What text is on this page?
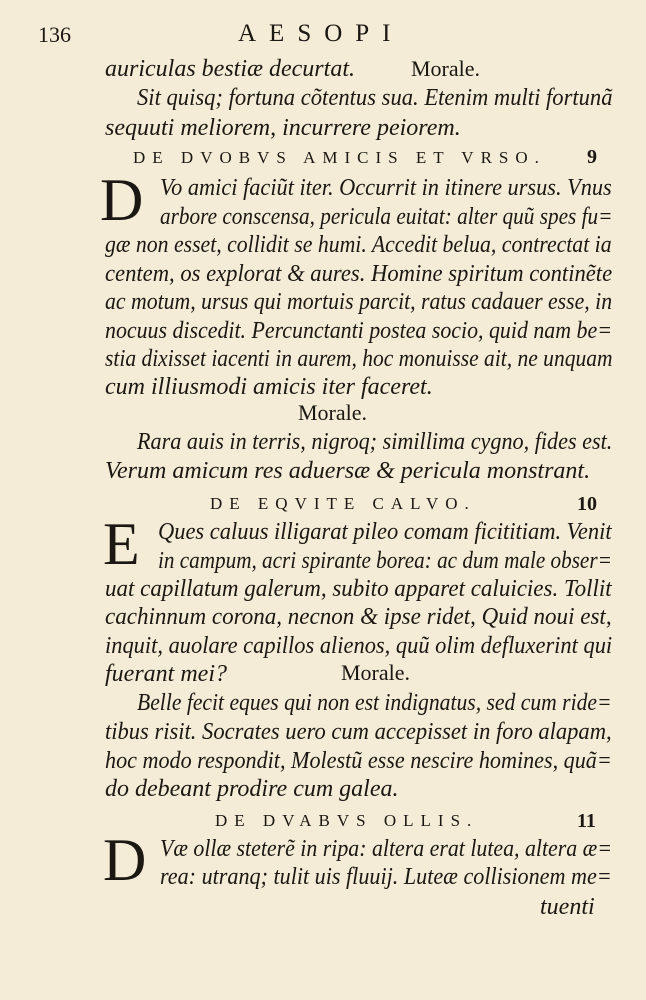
136	AESOPI
auriculas bestiæ decurtat.	Morale.
Sit quisq; fortuna cõtentus sua. Etenim multi fortunã
sequuti meliorem, incurrere peiorem.
DE DVOBVS AMICIS ET VRSO. 9
D Vo amici faciũt iter. Occurrit in itinere ursus. Vnus
arbore conscensa, pericula euitat: alter quũ spes fu=
gæ non esset, collidit se humi. Accedit belua, contrectat ia
centem, os explorat & aures. Homine spiritum continẽte
ac motum, ursus qui mortuis parcit, ratus cadauer esse, in
nocuus discedit. Percunctanti postea socio, quid nam be=
stia dixisset iacenti in aurem, hoc monuisse ait, ne unquam
cum illiusmodi amicis iter faceret.
Morale.
Rara auis in terris, nigroq; simillima cygno, fides est.
Verum amicum res aduersæ & pericula monstrant.
DE EQVITE CALVO.	10
E Ques caluus illigarat pileo comam ficititiam. Venit
in campum, acri spirante borea: ac dum male obser=
uat capillatum galerum, subito apparet caluicies. Tollit
cachinnum corona, necnon & ipse ridet, Quid noui est,
inquit, auolare capillos alienos, quũ olim defluxerint qui
fuerant mei?	Morale.
Belle fecit eques qui non est indignatus, sed cum ride=
tibus risit. Socrates uero cum accepisset in foro alapam,
hoc modo respondit, Molestũ esse nescire homines, quã=
do debeant prodire cum galea.
DE DVABVS OLLIS.	11
D Væ ollæ steterẽ in ripa: altera erat lutea, altera æ=
rea: utranq; tulit uis fluuij. Luteæ collisionem me=
tuenti
